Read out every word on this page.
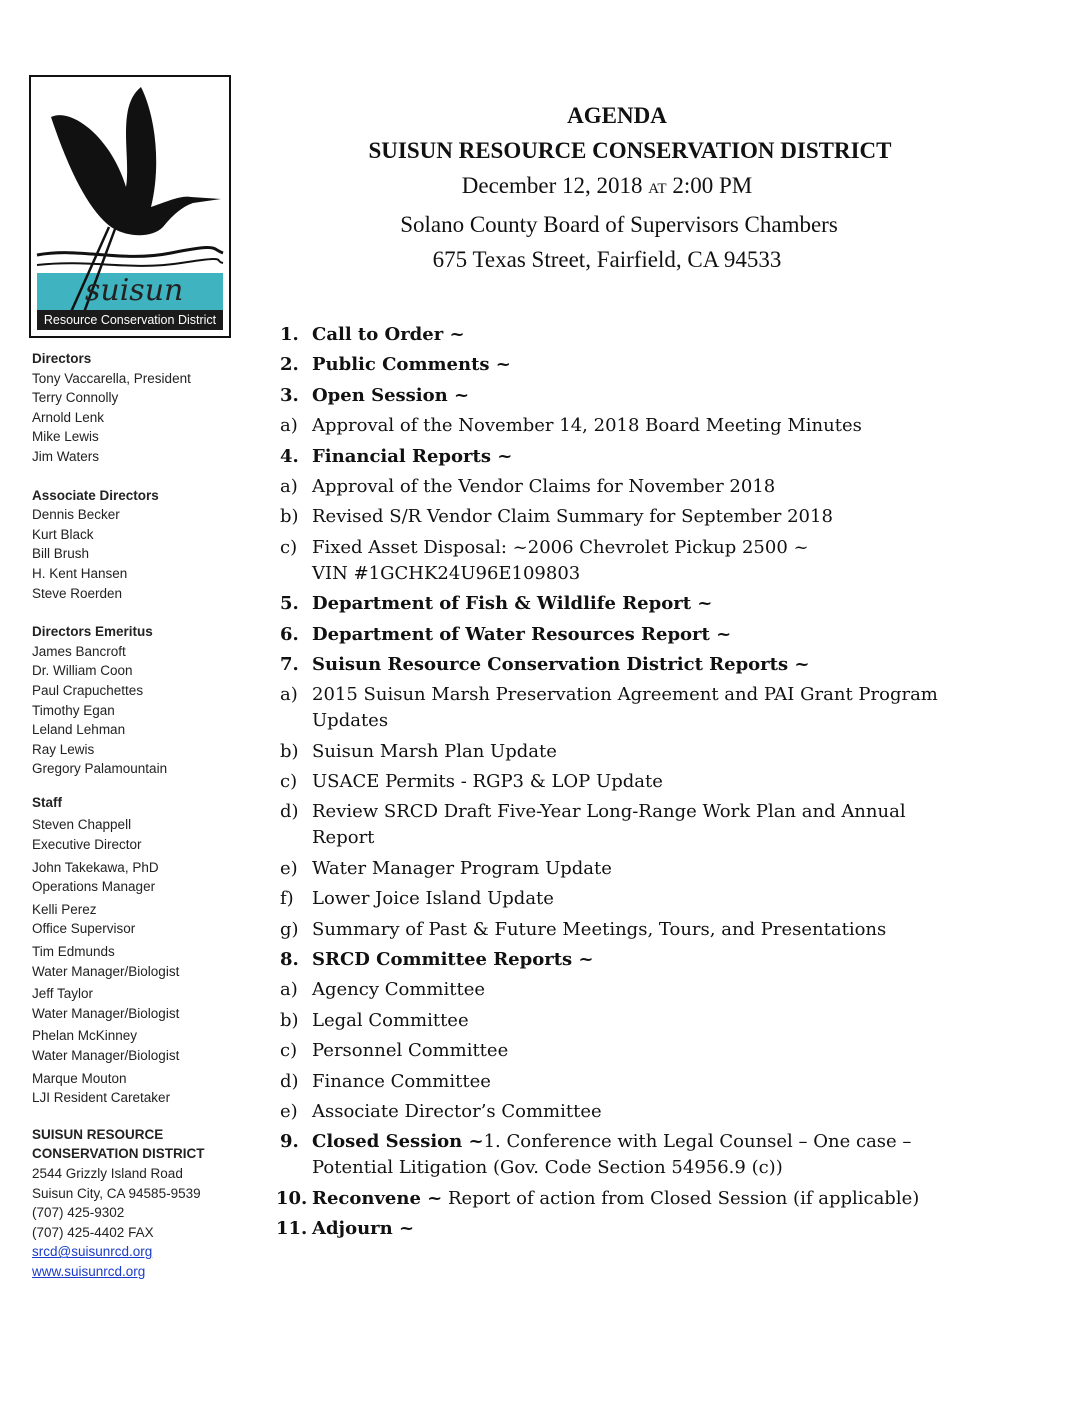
suisun
Resource Conservation District
Directors
Tony Vaccarella, President
Terry Connolly
Arnold Lenk
Mike Lewis
Jim Waters
Associate Directors
Dennis Becker
Kurt Black
Bill Brush
H. Kent Hansen
Steve Roerden
Directors Emeritus
James Bancroft
Dr. William Coon
Paul Crapuchettes
Timothy Egan
Leland Lehman
Ray Lewis
Gregory Palamountain
Staff
Steven Chappell
Executive Director
John Takekawa, PhD
Operations Manager
Kelli Perez
Office Supervisor
Tim Edmunds
Water Manager/Biologist
Jeff Taylor
Water Manager/Biologist
Phelan McKinney
Water Manager/Biologist
Marque Mouton
LJI Resident Caretaker
SUISUN RESOURCE
CONSERVATION DISTRICT
2544 Grizzly Island Road
Suisun City, CA 94585-9539
(707) 425-9302
(707) 425-4402 FAX
srcd@suisunrcd.org
www.suisunrcd.org
AGENDA
SUISUN RESOURCE CONSERVATION DISTRICT
December 12, 2018 AT 2:00 PM
Solano County Board of Supervisors Chambers
675 Texas Street, Fairfield, CA 94533
1. Call to Order ~
2. Public Comments ~
3. Open Session ~
a) Approval of the November 14, 2018 Board Meeting Minutes
4. Financial Reports ~
a) Approval of the Vendor Claims for November 2018
b) Revised S/R Vendor Claim Summary for September 2018
c) Fixed Asset Disposal: ~2006 Chevrolet Pickup 2500 ~
VIN #1GCHK24U96E109803
5. Department of Fish & Wildlife Report ~
6. Department of Water Resources Report ~
7. Suisun Resource Conservation District Reports ~
a) 2015 Suisun Marsh Preservation Agreement and PAI Grant Program
Updates
b) Suisun Marsh Plan Update
c) USACE Permits - RGP3 & LOP Update
d) Review SRCD Draft Five-Year Long-Range Work Plan and Annual
Report
e) Water Manager Program Update
f) Lower Joice Island Update
g) Summary of Past & Future Meetings, Tours, and Presentations
8. SRCD Committee Reports ~
a) Agency Committee
b) Legal Committee
c) Personnel Committee
d) Finance Committee
e) Associate Director’s Committee
9. Closed Session ~1. Conference with Legal Counsel – One case –
Potential Litigation (Gov. Code Section 54956.9 (c))
10. Reconvene ~ Report of action from Closed Session (if applicable)
11. Adjourn ~
